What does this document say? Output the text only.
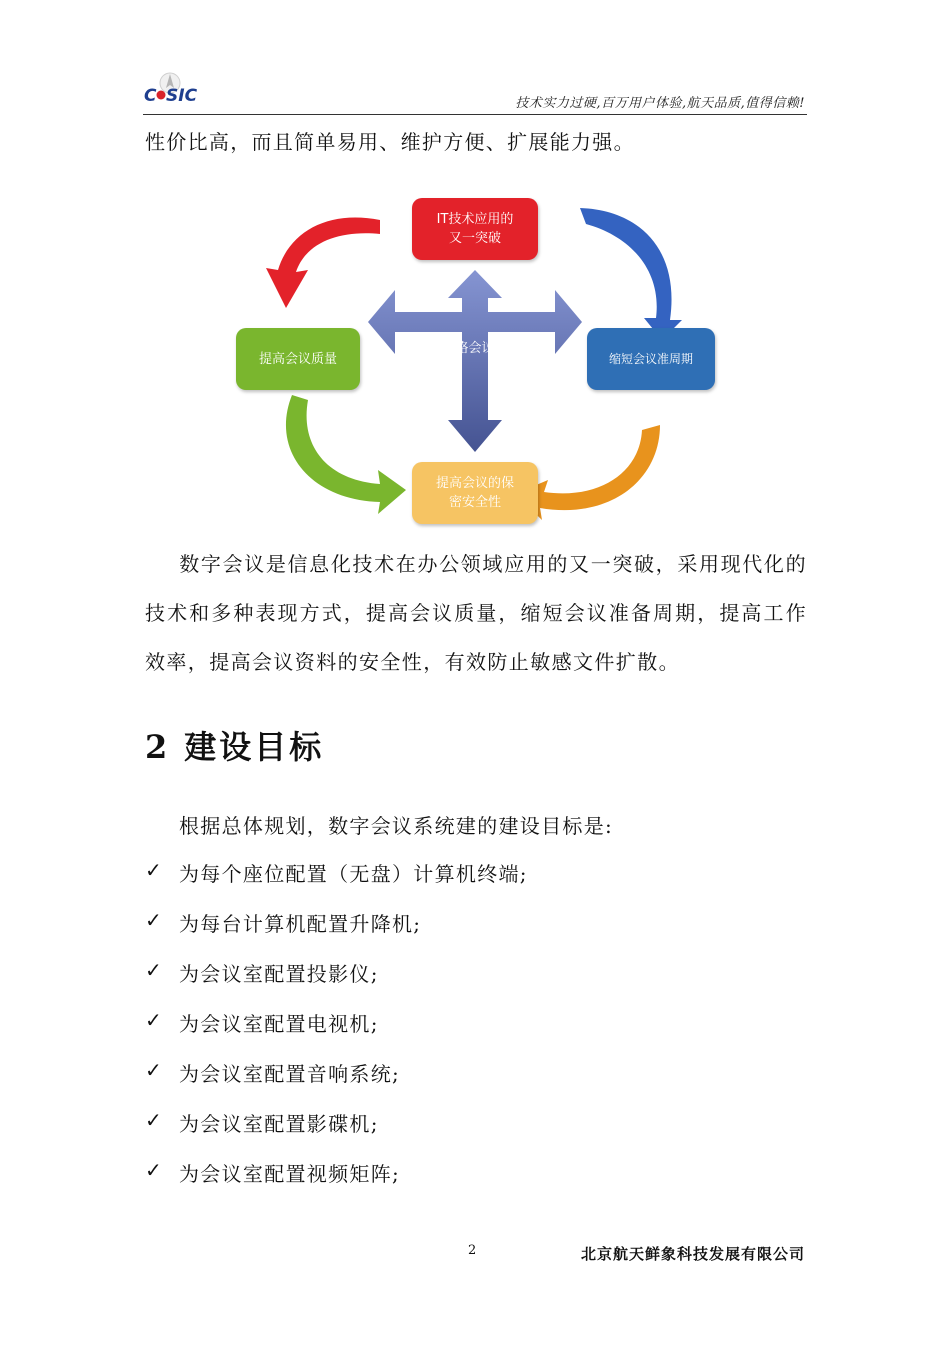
C SIC	技术实力过硬,百万用户体验,航天品质,值得信赖!
性价比高，而且简单易用、维护方便、扩展能力强。
IT技术应用的
又一突破
网络会议室
缩短会议准周期
提高会议质量
提高会议的保
密安全性
数字会议是信息化技术在办公领域应用的又一突破，采用现代化的技术和多种表现方式，提高会议质量，缩短会议准备周期，提高工作效率，提高会议资料的安全性，有效防止敏感文件扩散。
2 建设目标
根据总体规划，数字会议系统建的建设目标是:
✓ 为每个座位配置（无盘）计算机终端;
✓ 为每台计算机配置升降机;
✓ 为会议室配置投影仪;
✓ 为会议室配置电视机;
✓ 为会议室配置音响系统;
✓ 为会议室配置影碟机;
✓ 为会议室配置视频矩阵;
2	北京航天鲜象科技发展有限公司
